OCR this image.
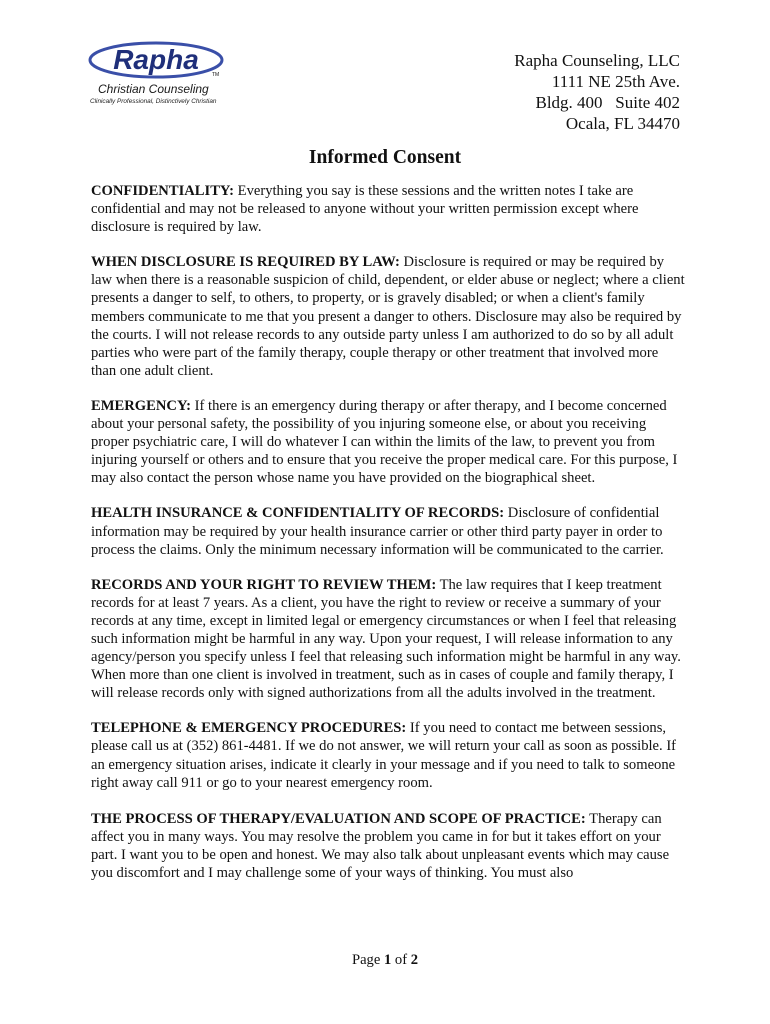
Rapha	TM
Christian Counseling
Clinically Professional, Distinctively Christian
Rapha Counseling, LLC
1111 NE 25th Ave.
Bldg. 400   Suite 402
Ocala, FL 34470
Informed Consent

CONFIDENTIALITY: Everything you say is these sessions and the written notes I take are confidential and may not be released to anyone without your written permission except where disclosure is required by law.

WHEN DISCLOSURE IS REQUIRED BY LAW: Disclosure is required or may be required by law when there is a reasonable suspicion of child, dependent, or elder abuse or neglect; where a client presents a danger to self, to others, to property, or is gravely disabled; or when a client's family members communicate to me that you present a danger to others. Disclosure may also be required by the courts. I will not release records to any outside party unless I am authorized to do so by all adult parties who were part of the family therapy, couple therapy or other treatment that involved more than one adult client.

EMERGENCY: If there is an emergency during therapy or after therapy, and I become concerned about your personal safety, the possibility of you injuring someone else, or about you receiving proper psychiatric care, I will do whatever I can within the limits of the law, to prevent you from injuring yourself or others and to ensure that you receive the proper medical care. For this purpose, I may also contact the person whose name you have provided on the biographical sheet.

HEALTH INSURANCE & CONFIDENTIALITY OF RECORDS: Disclosure of confidential information may be required by your health insurance carrier or other third party payer in order to process the claims. Only the minimum necessary information will be communicated to the carrier.

RECORDS AND YOUR RIGHT TO REVIEW THEM: The law requires that I keep treatment records for at least 7 years. As a client, you have the right to review or receive a summary of your records at any time, except in limited legal or emergency circumstances or when I feel that releasing such information might be harmful in any way. Upon your request, I will release information to any agency/person you specify unless I feel that releasing such information might be harmful in any way. When more than one client is involved in treatment, such as in cases of couple and family therapy, I will release records only with signed authorizations from all the adults involved in the treatment.

TELEPHONE & EMERGENCY PROCEDURES: If you need to contact me between sessions, please call us at (352) 861-4481. If we do not answer, we will return your call as soon as possible. If an emergency situation arises, indicate it clearly in your message and if you need to talk to someone right away call 911 or go to your nearest emergency room.

THE PROCESS OF THERAPY/EVALUATION AND SCOPE OF PRACTICE: Therapy can affect you in many ways. You may resolve the problem you came in for but it takes effort on your part. I want you to be open and honest. We may also talk about unpleasant events which may cause you discomfort and I may challenge some of your ways of thinking. You must also

Page 1 of 2
